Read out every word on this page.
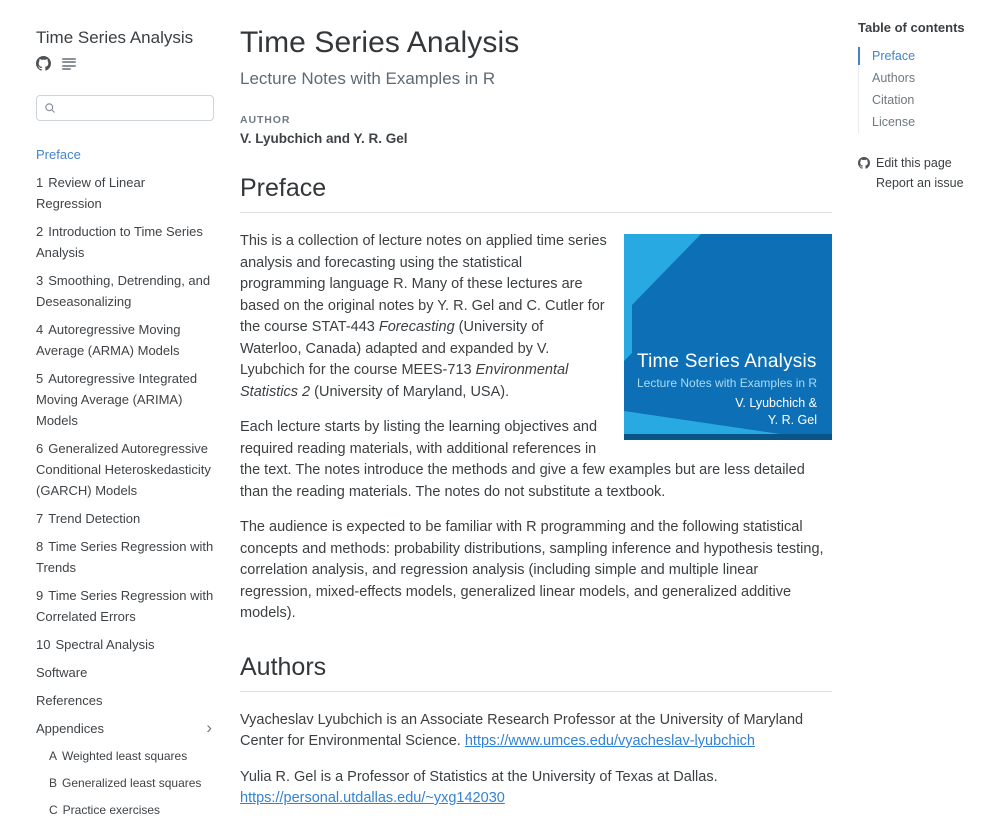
Time Series Analysis
Preface
1 Review of Linear Regression
2 Introduction to Time Series Analysis
3 Smoothing, Detrending, and Deseasonalizing
4 Autoregressive Moving Average (ARMA) Models
5 Autoregressive Integrated Moving Average (ARIMA) Models
6 Generalized Autoregressive Conditional Heteroskedasticity (GARCH) Models
7 Trend Detection
8 Time Series Regression with Trends
9 Time Series Regression with Correlated Errors
10 Spectral Analysis
Software
References
Appendices	›
A Weighted least squares
B Generalized least squares
C Practice exercises
Time Series Analysis
Lecture Notes with Examples in R
AUTHOR
V. Lyubchich and Y. R. Gel
Preface
Time Series Analysis
Lecture Notes with Examples in R
V. Lyubchich &
Y. R. Gel

This is a collection of lecture notes on applied time series analysis and forecasting using the statistical programming language R. Many of these lectures are based on the original notes by Y. R. Gel and C. Cutler for the course STAT-443 Forecasting (University of Waterloo, Canada) adapted and expanded by V. Lyubchich for the course MEES-713 Environmental Statistics 2 (University of Maryland, USA).

Each lecture starts by listing the learning objectives and required reading materials, with additional references in the text. The notes introduce the methods and give a few examples but are less detailed than the reading materials. The notes do not substitute a textbook.

The audience is expected to be familiar with R programming and the following statistical concepts and methods: probability distributions, sampling inference and hypothesis testing, correlation analysis, and regression analysis (including simple and multiple linear regression, mixed-effects models, generalized linear models, and generalized additive models).

Authors

Vyacheslav Lyubchich is an Associate Research Professor at the University of Maryland Center for Environmental Science. https://www.umces.edu/vyacheslav-lyubchich

Yulia R. Gel is a Professor of Statistics at the University of Texas at Dallas. https://personal.utdallas.edu/~yxg142030

Table of contents
Preface
Authors
Citation
License
Edit this page
Report an issue
